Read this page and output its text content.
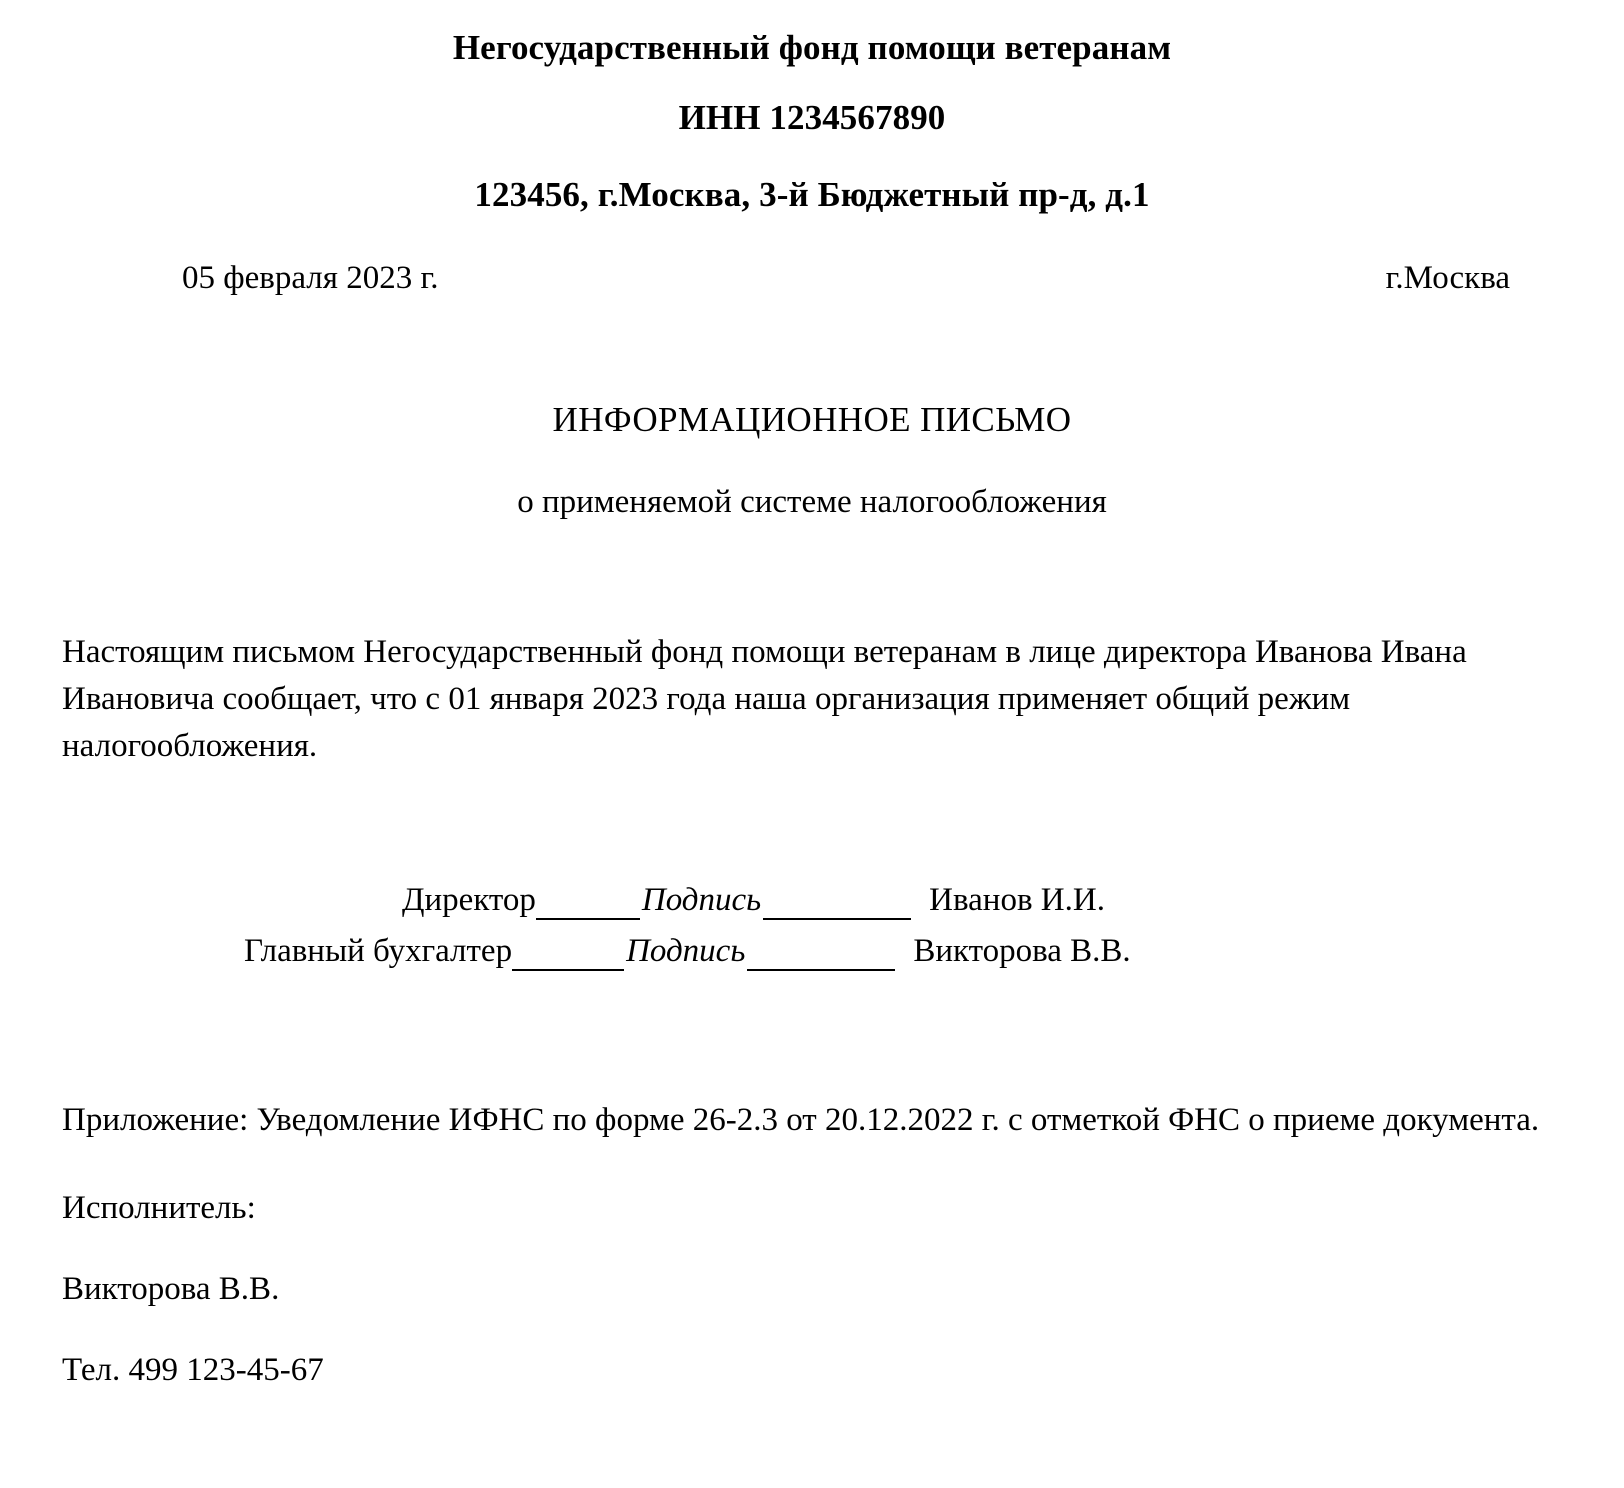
Негосударственный фонд помощи ветеранам
ИНН 1234567890
123456, г.Москва, 3-й Бюджетный пр-д, д.1
05 февраля 2023 г.	г.Москва
ИНФОРМАЦИОННОЕ ПИСЬМО
о применяемой системе налогообложения
Настоящим письмом Негосударственный фонд помощи ветеранам в лице директора Иванова Ивана Ивановича сообщает, что с 01 января 2023 года наша организация применяет общий режим налогообложения.
Директор	Подпись	Иванов И.И.
Главный бухгалтер	Подпись	Викторова В.В.
Приложение: Уведомление ИФНС по форме 26-2.3 от 20.12.2022 г. с отметкой ФНС о приеме документа.
Исполнитель:
Викторова В.В.
Тел. 499 123-45-67
